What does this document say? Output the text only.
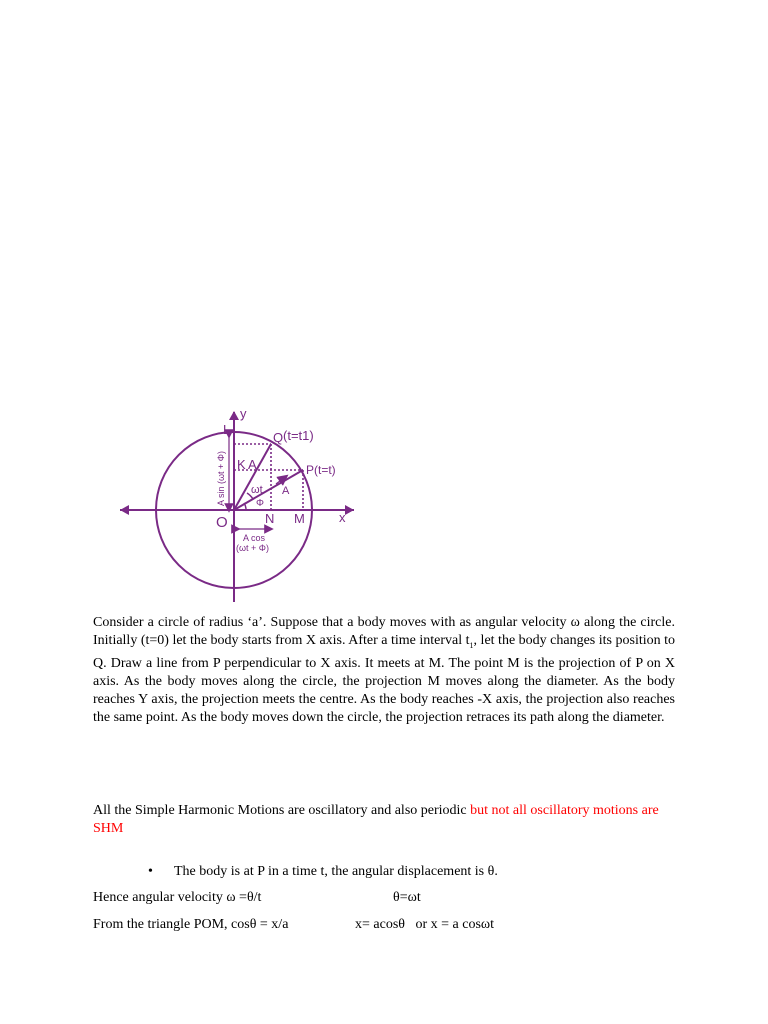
y
x
L
Q (t=t1)
P(t=t)
K A
A
ωt
Φ
O	N M
A sin (ωt + Φ)
A cos
(ωt + Φ)

Consider a circle of radius ‘a’. Suppose that a body moves with as angular velocity ω along the circle. Initially (t=0) let the body starts from X axis. After a time interval $t_1$, let the body changes its position to Q. Draw a line from P perpendicular to X axis. It meets at M. The point M is the projection of P on X axis. As the body moves along the circle, the projection M moves along the diameter. As the body reaches Y axis, the projection meets the centre. As the body reaches -X axis, the projection also reaches the same point. As the body moves down the circle, the projection retraces its path along the diameter.

All the Simple Harmonic Motions are oscillatory and also periodic but not all oscillatory motions are SHM

• The body is at P in a time t, the angular displacement is θ.
Hence angular velocity ω =θ/t	θ=ωt
From the triangle POM, cosθ = x/a	x= acosθ   or x = a cosωt
